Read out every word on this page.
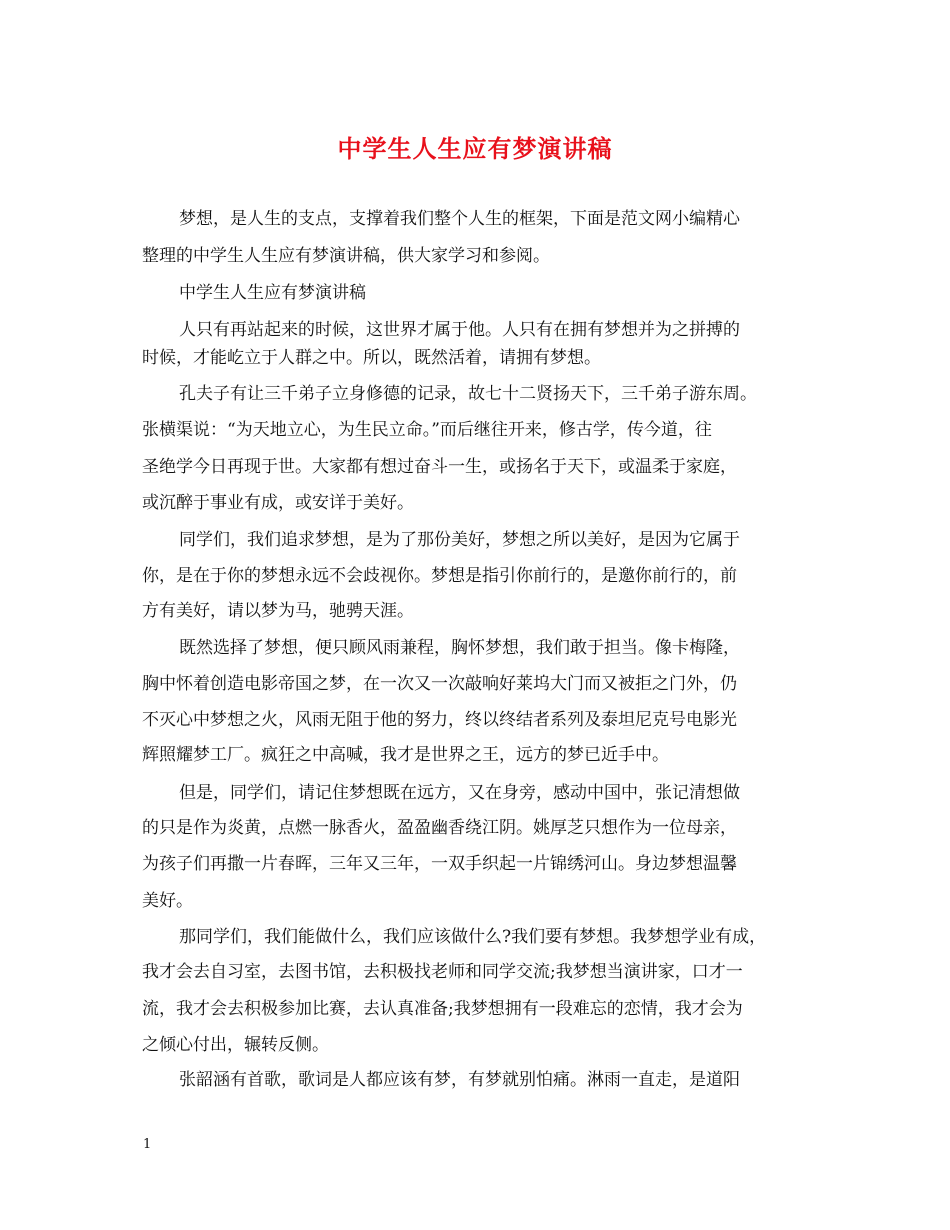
中学生人生应有梦演讲稿
梦想，是人生的支点，支撑着我们整个人生的框架，下面是范文网小编精心
整理的中学生人生应有梦演讲稿，供大家学习和参阅。
中学生人生应有梦演讲稿
人只有再站起来的时候，这世界才属于他。人只有在拥有梦想并为之拼搏的
时候，才能屹立于人群之中。所以，既然活着，请拥有梦想。
孔夫子有让三千弟子立身修德的记录，故七十二贤扬天下，三千弟子游东周。
张横渠说：“为天地立心，为生民立命。”而后继往开来，修古学，传今道，往
圣绝学今日再现于世。大家都有想过奋斗一生，或扬名于天下，或温柔于家庭，
或沉醉于事业有成，或安详于美好。
同学们，我们追求梦想，是为了那份美好，梦想之所以美好，是因为它属于
你，是在于你的梦想永远不会歧视你。梦想是指引你前行的，是邀你前行的，前
方有美好，请以梦为马，驰骋天涯。
既然选择了梦想，便只顾风雨兼程，胸怀梦想，我们敢于担当。像卡梅隆，
胸中怀着创造电影帝国之梦，在一次又一次敲响好莱坞大门而又被拒之门外，仍
不灭心中梦想之火，风雨无阻于他的努力，终以终结者系列及泰坦尼克号电影光
辉照耀梦工厂。疯狂之中高喊，我才是世界之王，远方的梦已近手中。
但是，同学们，请记住梦想既在远方，又在身旁，感动中国中，张记清想做
的只是作为炎黄，点燃一脉香火，盈盈幽香绕江阴。姚厚芝只想作为一位母亲，
为孩子们再撒一片春晖，三年又三年，一双手织起一片锦绣河山。身边梦想温馨
美好。
那同学们，我们能做什么，我们应该做什么?我们要有梦想。我梦想学业有成，
我才会去自习室，去图书馆，去积极找老师和同学交流;我梦想当演讲家，口才一
流，我才会去积极参加比赛，去认真准备;我梦想拥有一段难忘的恋情，我才会为
之倾心付出，辗转反侧。
张韶涵有首歌，歌词是人都应该有梦，有梦就别怕痛。淋雨一直走，是道阳
1
